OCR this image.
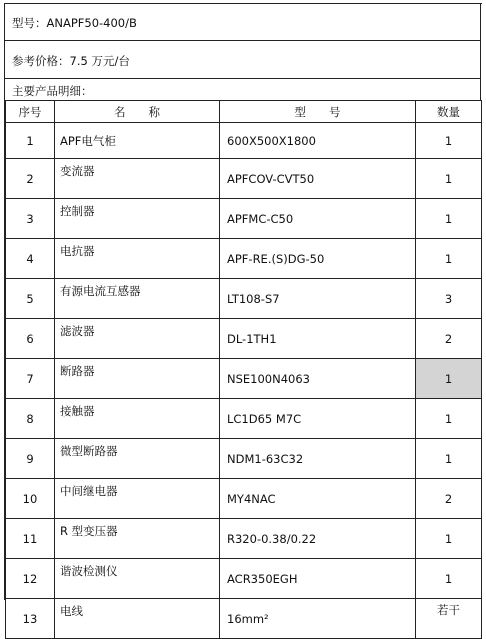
型号：ANAPF50-400/B
参考价格：7.5 万元/台
主要产品明细：
序号	名　　称	型　　号	数量
1	APF电气柜	600X500X1800	1
2	变流器	APFCOV-CVT50	1
3	控制器	APFMC-C50	1
4	电抗器	APF-RE.(S)DG-50	1
5	有源电流互感器	LT108-S7	3
6	滤波器	DL-1TH1	2
7	断路器	NSE100N4063	1
8	接触器	LC1D65 M7C	1
9	微型断路器	NDM1-63C32	1
10	中间继电器	MY4NAC	2
11	R 型变压器	R320-0.38/0.22	1
12	谐波检测仪	ACR350EGH	1
13	电线	16mm²	若干
